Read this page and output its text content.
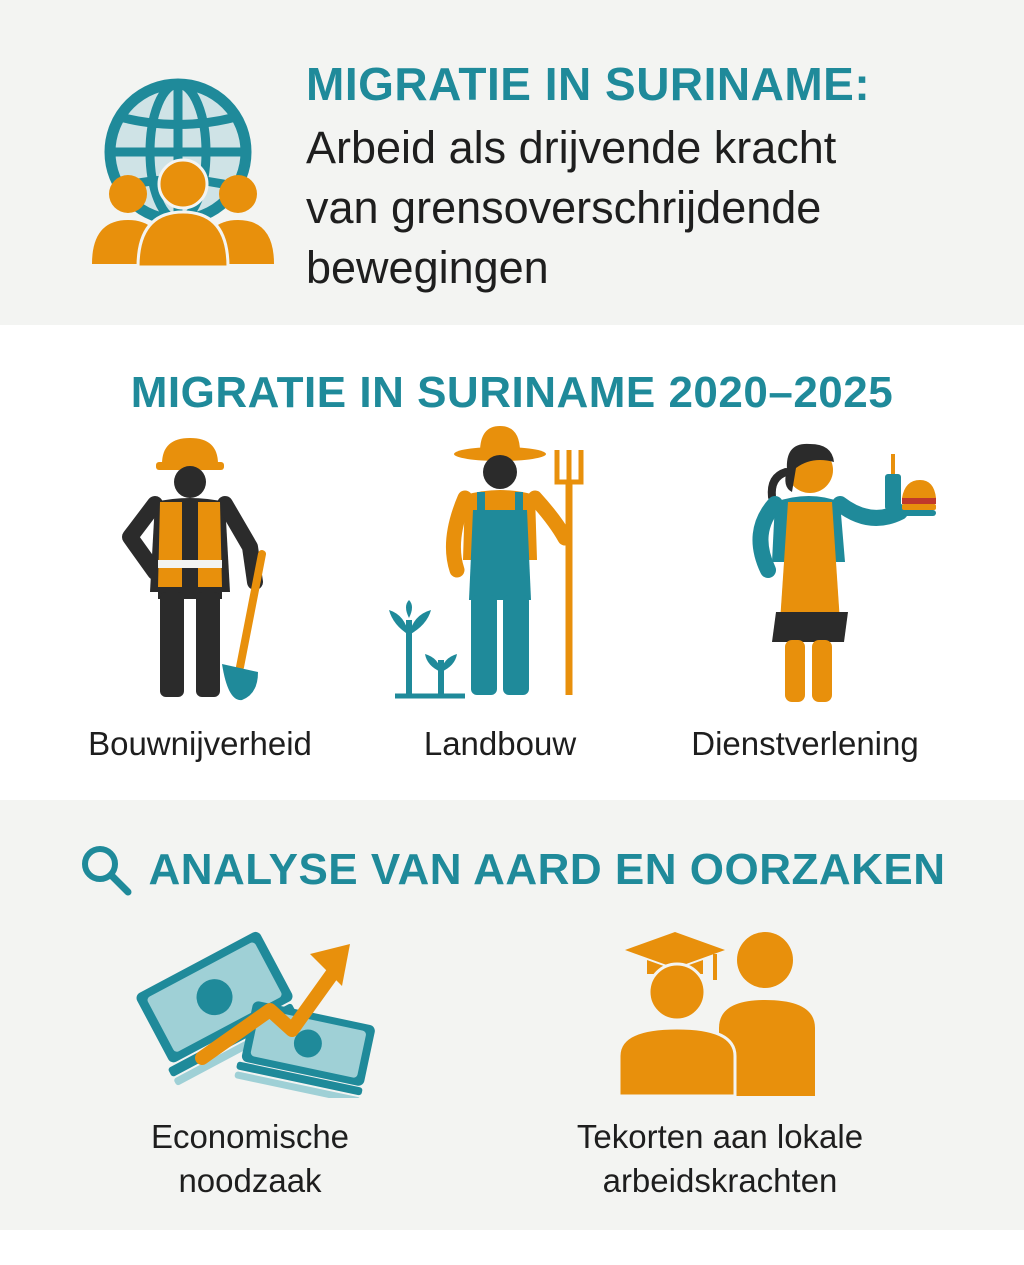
MIGRATIE IN SURINAME:
Arbeid als drijvende kracht
van grensoverschrijdende
bewegingen
MIGRATIE IN SURINAME 2020–2025
Bouwnijverheid	Landbouw	Dienstverlening
ANALYSE VAN AARD EN OORZAKEN
Economische
noodzaak
Tekorten aan lokale
arbeidskrachten
